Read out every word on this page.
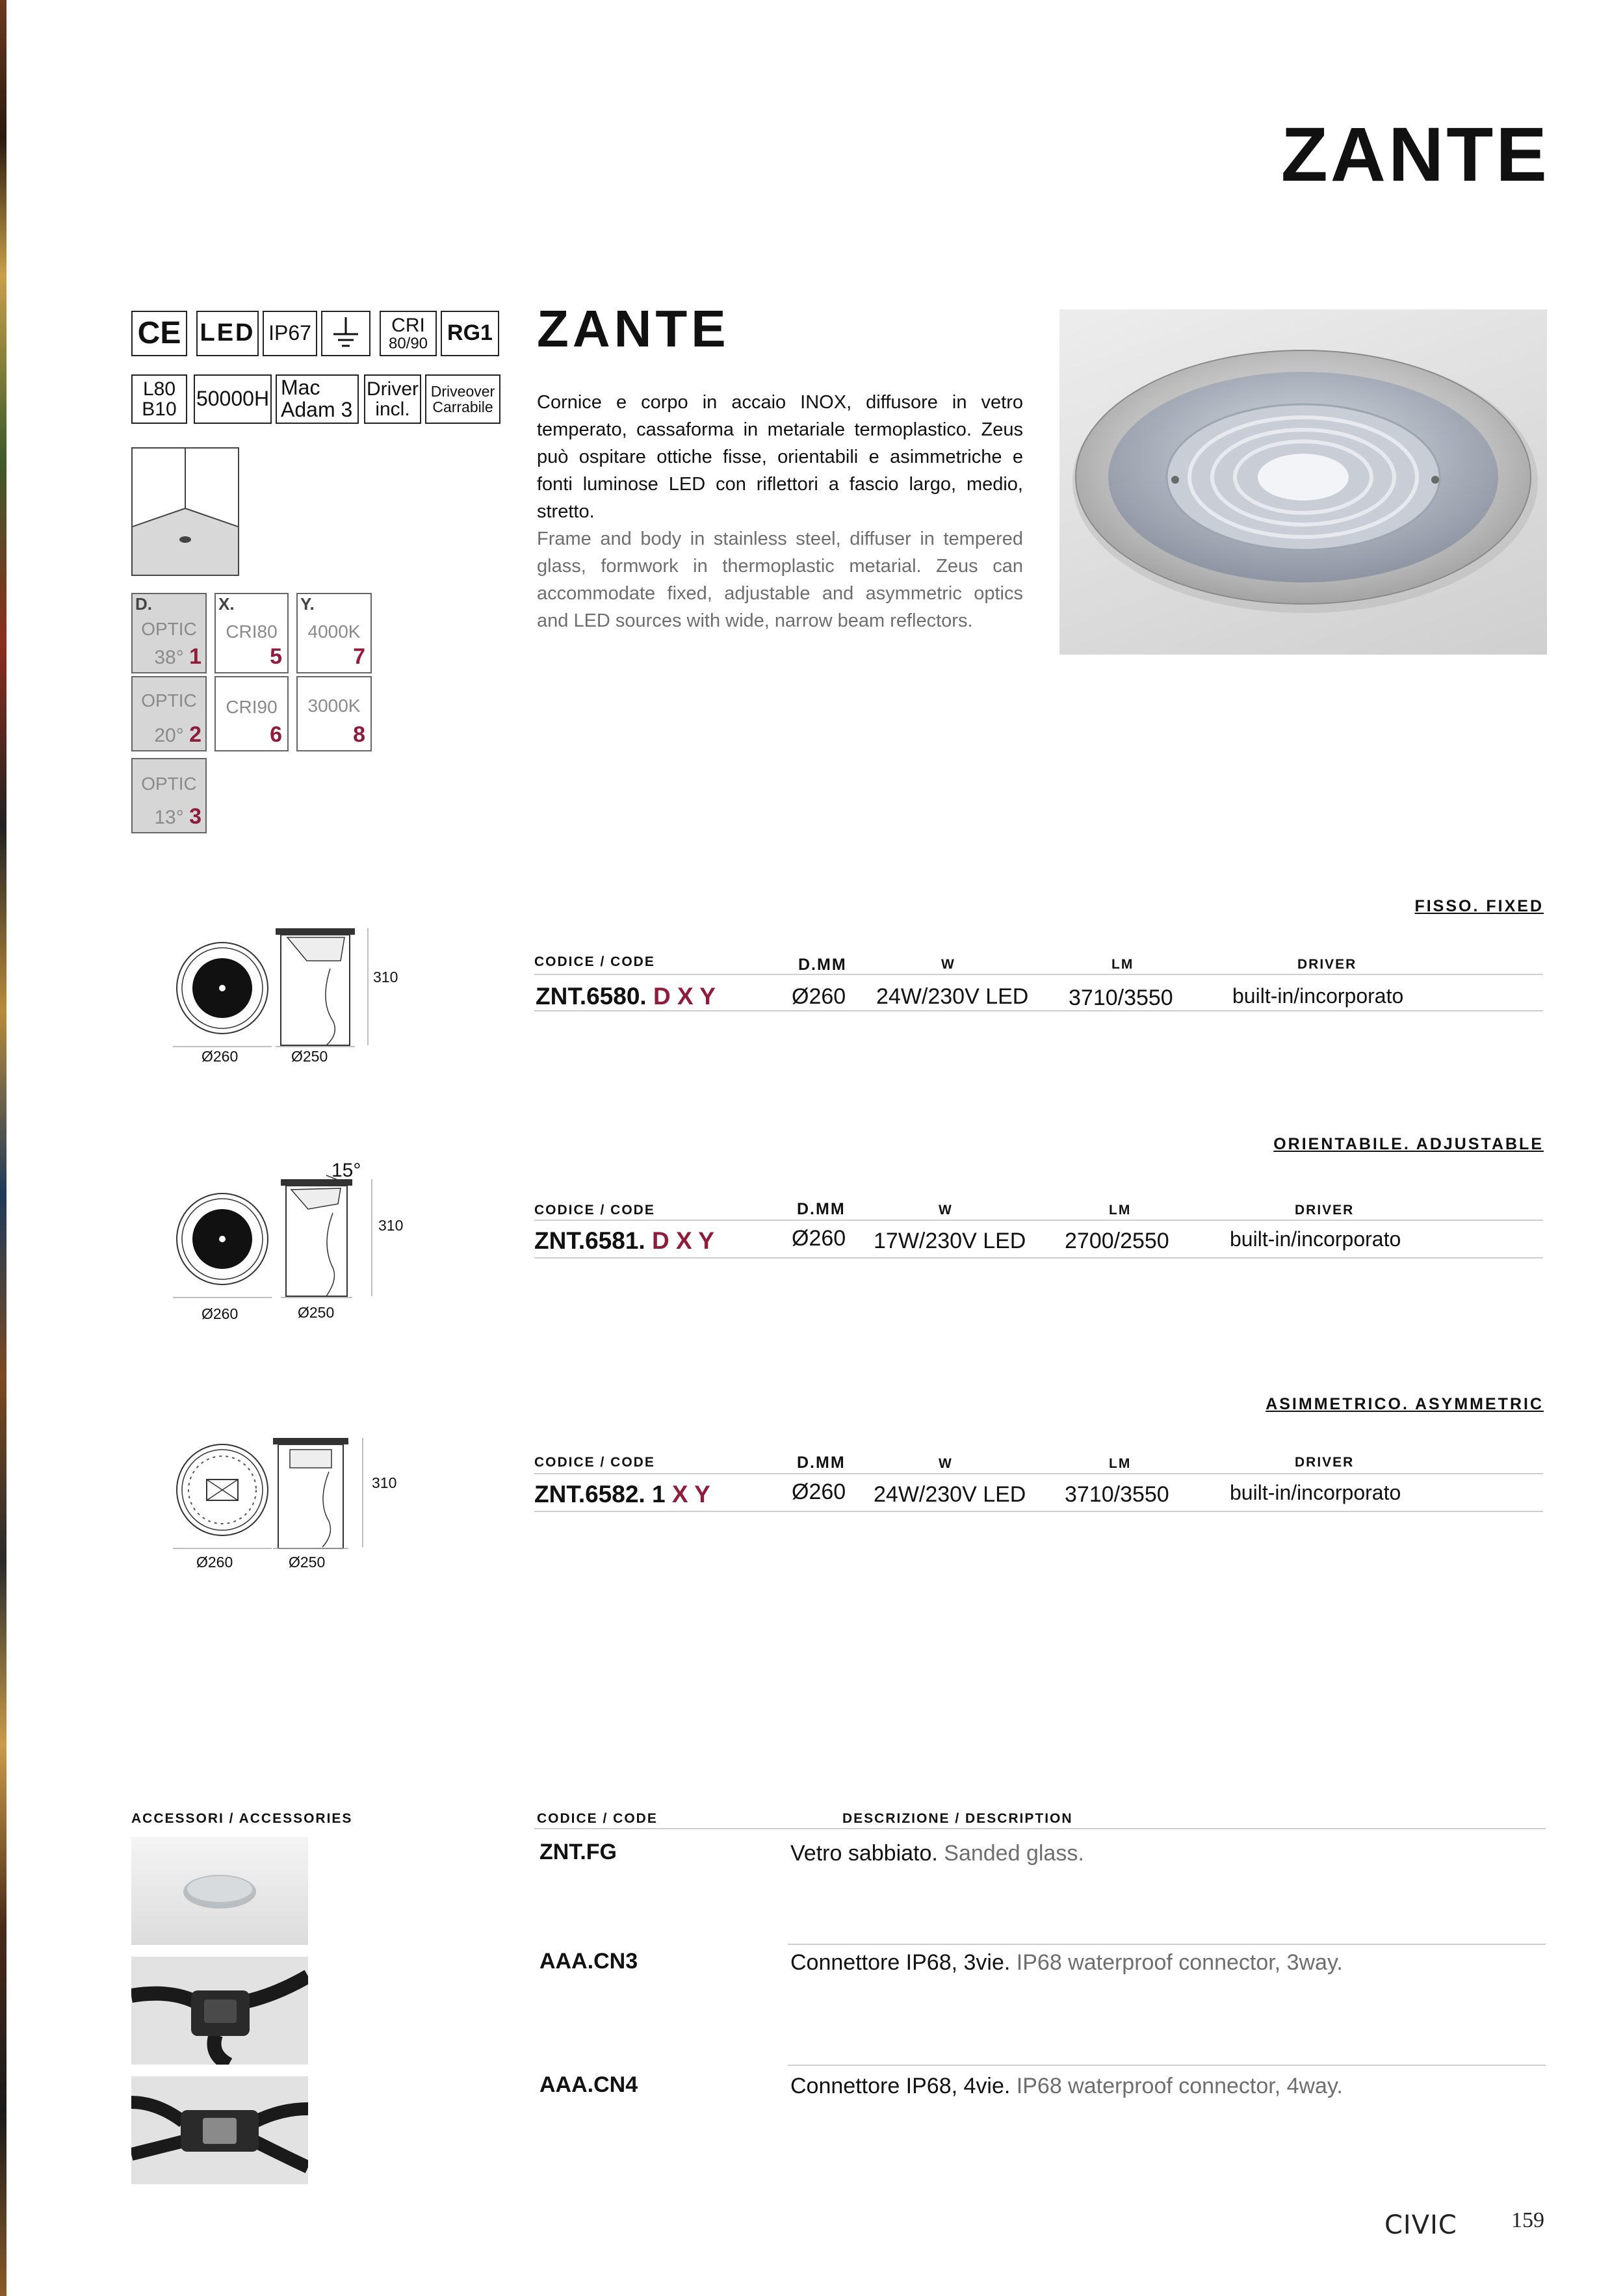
ZANTE
CE LED IP67	CRI
80/90 RG1
L80
B10 50000H Mac
Adam 3
Driver
incl.
Driveover
Carrabile
D.
OPTIC
38° 1
X.
CRI80
5
Y.
4000K
7
OPTIC
20° 2
CRI90
6
3000K
8
OPTIC
13° 3
ZANTE

Cornice e corpo in accaio INOX, diffusore in vetro temperato, cassaforma in metariale termoplastico. Zeus può ospitare ottiche fisse, orientabili e asimmetriche e fonti luminose LED con riflettori a fascio largo, medio, stretto.

Frame and body in stainless steel, diffuser in tempered glass, formwork in thermoplastic metarial. Zeus can accommodate fixed, adjustable and asymmetric optics and LED sources with wide, narrow beam reflectors.

FISSO. FIXED
310
Ø260	Ø250
CODICE / CODE	D.MM	W	LM	DRIVER
ZNT.6580. D X Y	Ø260 24W/230V LED 3710/3550	built-in/incorporato
ORIENTABILE. ADJUSTABLE
15°
310
Ø260	Ø250
CODICE / CODE	D.MM	W	LM	DRIVER
ZNT.6581. D X Y	Ø260 17W/230V LED 2700/2550	built-in/incorporato
ASIMMETRICO. ASYMMETRIC
310
Ø260	Ø250
CODICE / CODE	D.MM	W	LM	DRIVER
ZNT.6582. 1 X Y	Ø260 24W/230V LED 3710/3550	built-in/incorporato
ACCESSORI / ACCESSORIES	CODICE / CODE	DESCRIZIONE / DESCRIPTION
ZNT.FG	Vetro sabbiato. Sanded glass.
AAA.CN3	Connettore IP68, 3vie. IP68 waterproof connector, 3way.
AAA.CN4	Connettore IP68, 4vie. IP68 waterproof connector, 4way.
CIVIC 159
